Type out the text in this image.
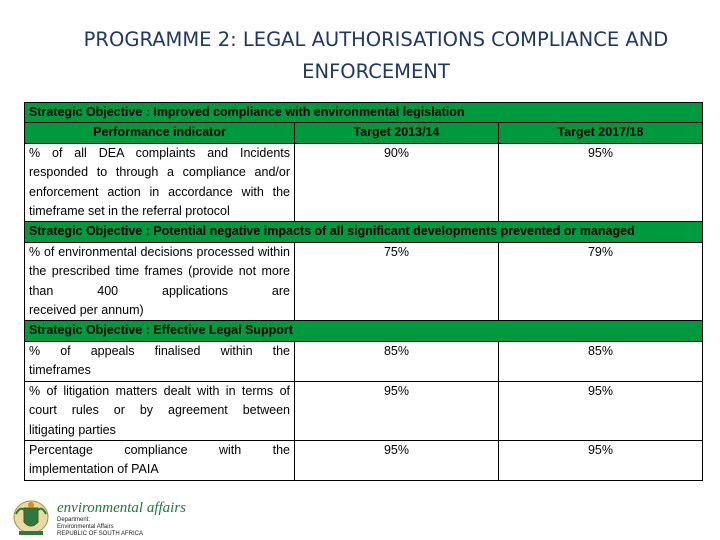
PROGRAMME 2: LEGAL AUTHORISATIONS COMPLIANCE AND
ENFORCEMENT
Strategic Objective : Improved compliance with environmental legislation		
Performance indicator	Target 2013/14	Target 2017/18
% of all DEA complaints and Incidents responded to through a compliance and/or enforcement action in accordance with the
timeframe set in the referral protocol	90%	95%
Strategic Objective : Potential negative impacts of all significant developments prevented or managed		
% of environmental decisions processed within the prescribed time frames (provide not more than 400 applications are
received per annum)	75%	79%
Strategic Objective : Effective Legal Support		
% of appeals finalised within the
timeframes	85%	85%
% of litigation matters dealt with in terms of court rules or by agreement between
litigating parties	95%	95%
Percentage compliance with the
implementation of PAIA	95%	95%
environmental affairs
Department:
Environmental Affairs
REPUBLIC OF SOUTH AFRICA
